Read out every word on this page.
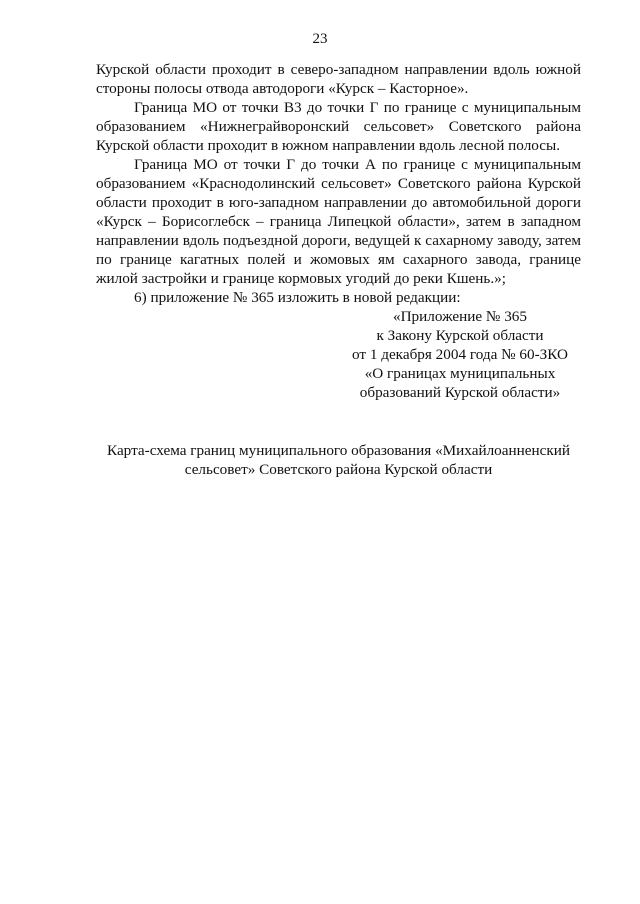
23

Курской области проходит в северо-западном направлении вдоль южной стороны полосы отвода автодороги «Курск – Касторное».

Граница МО от точки В3 до точки Г по границе с муниципальным образованием «Нижнеграйворонский сельсовет» Советского района Курской области проходит в южном направлении вдоль лесной полосы.

Граница МО от точки Г до точки А по границе с муниципальным образованием «Краснодолинский сельсовет» Советского района Курской области проходит в юго-западном направлении до автомобильной дороги «Курск – Борисоглебск – граница Липецкой области», затем в западном направлении вдоль подъездной дороги, ведущей к сахарному заводу, затем по границе кагатных полей и жомовых ям сахарного завода, границе жилой застройки и границе кормовых угодий до реки Кшень.»;

6) приложение № 365 изложить в новой редакции:

«Приложение № 365
к Закону Курской области
от 1 декабря 2004 года № 60-ЗКО
«О границах муниципальных
образований Курской области»
Карта-схема границ муниципального образования «Михайлоанненский сельсовет» Советского района Курской области
